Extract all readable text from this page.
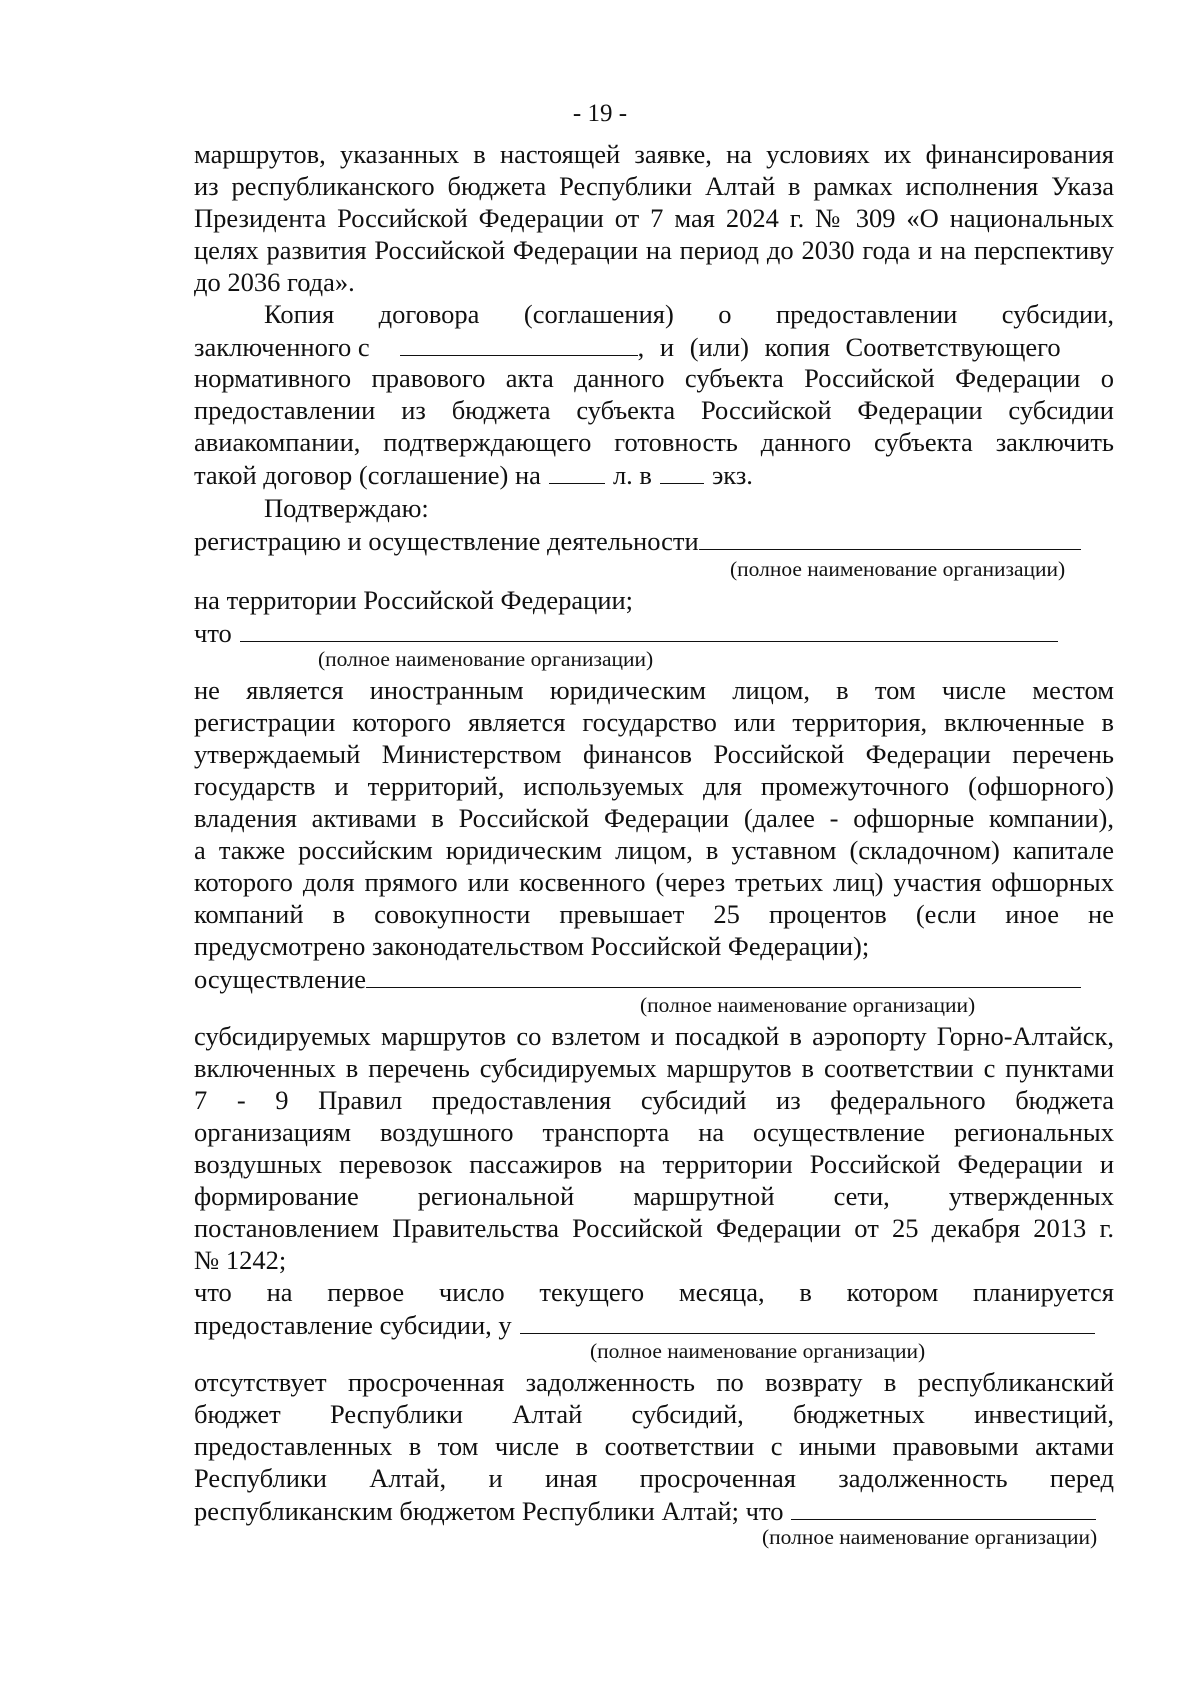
- 19 -
маршрутов, указанных в настоящей заявке, на условиях их финансирования
из республиканского бюджета Республики Алтай в рамках исполнения Указа
Президента Российской Федерации от 7 мая 2024 г. № 309 «О национальных
целях развития Российской Федерации на период до 2030 года и на перспективу
до 2036 года».
Копия договора (соглашения) о предоставлении субсидии,
заключенного с	, и (или) копия Соответствующего
нормативного правового акта данного субъекта Российской Федерации о
предоставлении из бюджета субъекта Российской Федерации субсидии
авиакомпании, подтверждающего готовность данного субъекта заключить
такой договор (соглашение) на	л. в экз.
Подтверждаю:
регистрацию и осуществление деятельности
(полное наименование организации)
на территории Российской Федерации;
что
(полное наименование организации)
не является иностранным юридическим лицом, в том числе местом
регистрации которого является государство или территория, включенные в
утверждаемый Министерством финансов Российской Федерации перечень
государств и территорий, используемых для промежуточного (офшорного)
владения активами в Российской Федерации (далее - офшорные компании),
а также российским юридическим лицом, в уставном (складочном) капитале
которого доля прямого или косвенного (через третьих лиц) участия офшорных
компаний в совокупности превышает 25 процентов (если иное не
предусмотрено законодательством Российской Федерации);
осуществление
(полное наименование организации)
субсидируемых маршрутов со взлетом и посадкой в аэропорту Горно-Алтайск,
включенных в перечень субсидируемых маршрутов в соответствии с пунктами
7 - 9 Правил предоставления субсидий из федерального бюджета
организациям воздушного транспорта на осуществление региональных
воздушных перевозок пассажиров на территории Российской Федерации и
формирование региональной маршрутной сети, утвержденных
постановлением Правительства Российской Федерации от 25 декабря 2013 г.
№ 1242;
что на первое число текущего месяца, в котором планируется
предоставление субсидии, у
(полное наименование организации)
отсутствует просроченная задолженность по возврату в республиканский
бюджет Республики Алтай субсидий, бюджетных инвестиций,
предоставленных в том числе в соответствии с иными правовыми актами
Республики Алтай, и иная просроченная задолженность перед
республиканским бюджетом Республики Алтай; что
(полное наименование организации)
